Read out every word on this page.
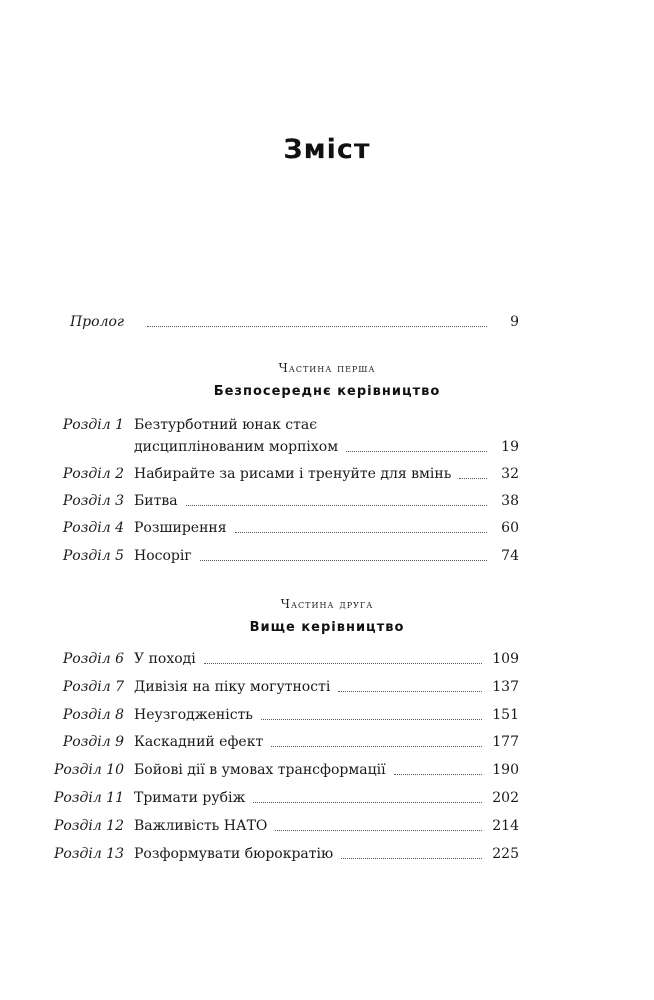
Зміст
Пролог	9
Частина перша
Безпосереднє керівництво
Розділ 1 Безтурботний юнак стає
дисциплінованим морпіхом	19
Розділ 2 Набирайте за рисами і тренуйте для вмінь	32
Розділ 3 Битва	38
Розділ 4 Розширення	60
Розділ 5 Носоріг	74
Частина друга
Вище керівництво
Розділ 6 У поході	109
Розділ 7 Дивізія на піку могутності	137
Розділ 8 Неузгодженість	151
Розділ 9 Каскадний ефект	177
Розділ 10 Бойові дії в умовах трансформації	190
Розділ 11 Тримати рубіж	202
Розділ 12 Важливість НАТО	214
Розділ 13 Розформувати бюрократію	225
